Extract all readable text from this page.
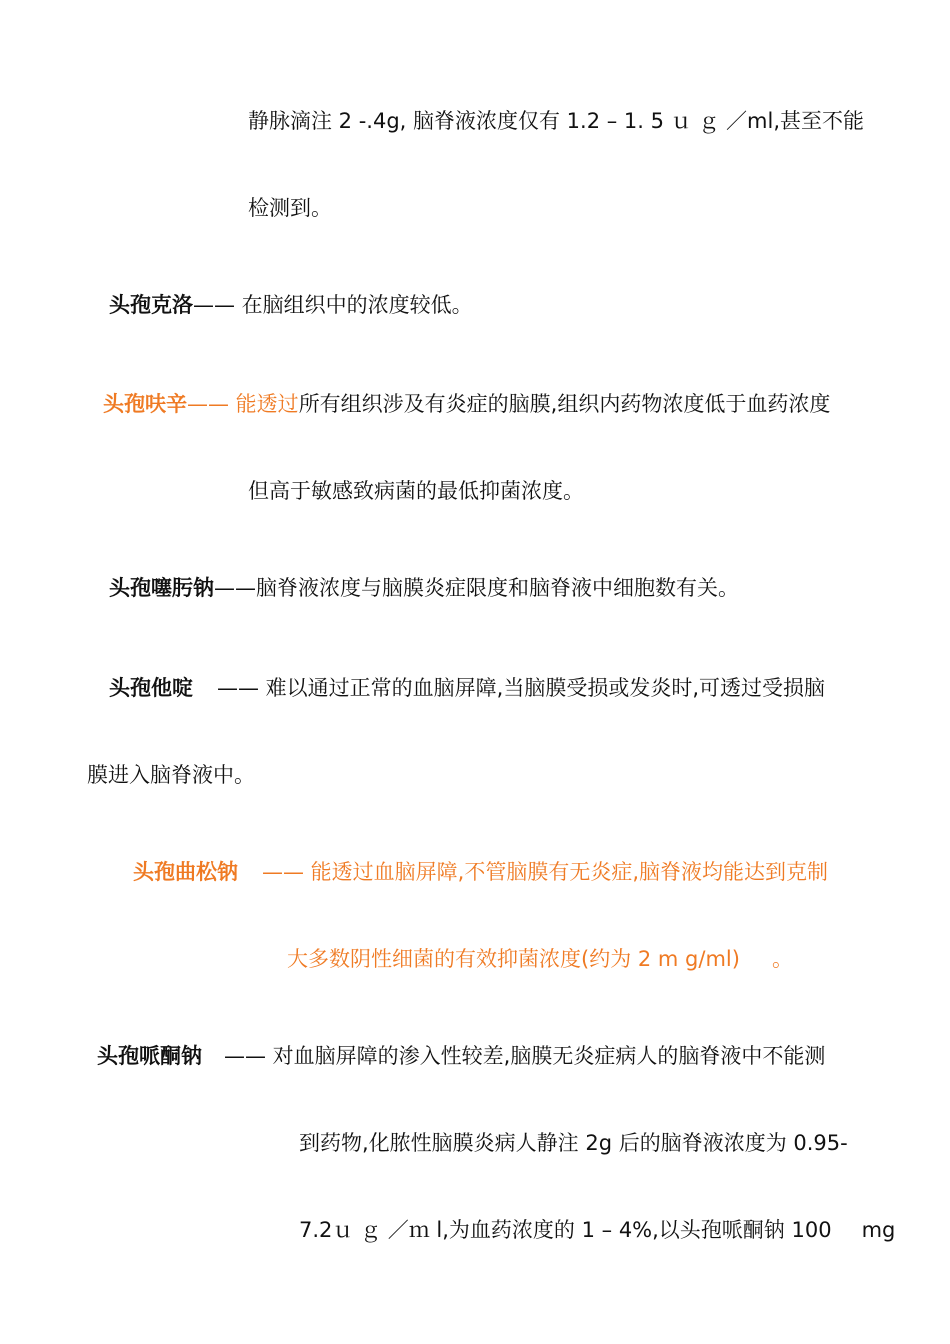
静脉滴注 2 -.4g, 脑脊液浓度仅有 1.2 – 1. 5 ｕ ｇ ／ml,甚至不能
检测到。
头孢克洛—— 在脑组织中的浓度较低。
头孢呋辛—— 能透过所有组织涉及有炎症的脑膜,组织内药物浓度低于血药浓度
但高于敏感致病菌的最低抑菌浓度。
头孢噻肟钠——脑脊液浓度与脑膜炎症限度和脑脊液中细胞数有关。
头孢他啶 —— 难以通过正常的血脑屏障,当脑膜受损或发炎时,可透过受损脑
膜进入脑脊液中。
头孢曲松钠 —— 能透过血脑屏障,不管脑膜有无炎症,脑脊液均能达到克制
大多数阴性细菌的有效抑菌浓度(约为 2 m g/ml) 。
头孢哌酮钠 —— 对血脑屏障的渗入性较差,脑膜无炎症病人的脑脊液中不能测
到药物,化脓性脑膜炎病人静注 2g 后的脑脊液浓度为 0.95-
7.2ｕ ｇ ／ｍ l,为血药浓度的 1 – 4%,以头孢哌酮钠 100 mg
